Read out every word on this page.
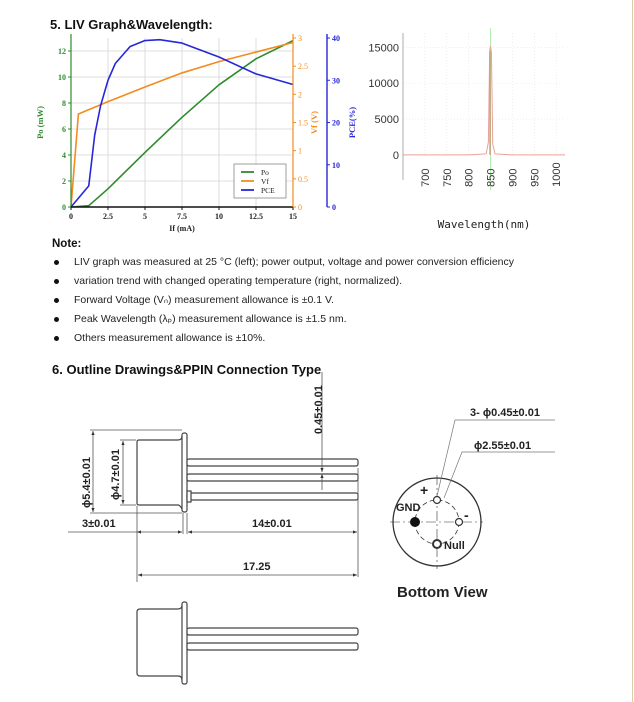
5. LIV Graph&Wavelength:
0
2
4
6
8
10
12
Po (mW)
0	2.5	5	7.5	10	12.5	15
If (mA)
0
0.5
1
1.5
2
2.5
3
Vf (V)
0
10
20
30
40
PCE(%)
Po
Vf
PCE
0
5000
10000
15000
700 750 800 850 900 950 1000
Wavelength(nm)
Note:
LIV graph was measured at 25 °C (left); power output, voltage and power conversion efficiency
variation trend with changed operating temperature (right, normalized).
Forward Voltage (Vₙ) measurement allowance is ±0.1 V.
Peak Wavelength (λₚ) measurement allowance is ±1.5 nm.
Others measurement allowance is ±10%.
6. Outline Drawings&PPIN Connection Type
0.45±0.01
ϕ5.4±0.01 ϕ4.7±0.01
3±0.01	14±0.01
17.25
3- ϕ0.45±0.01
ϕ2.55±0.01
+
-
GND
Null
Bottom View
